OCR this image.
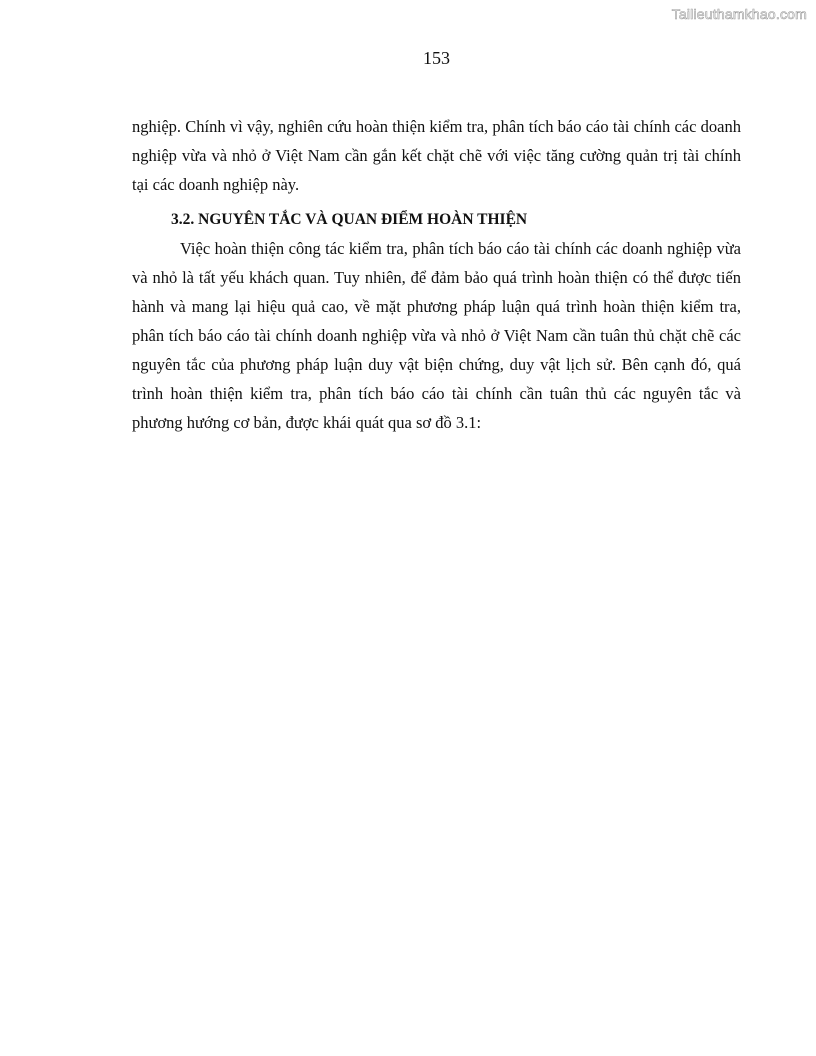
Tailieuthamkhao.com
153

nghiệp. Chính vì vậy, nghiên cứu hoàn thiện kiểm tra, phân tích báo cáo tài chính các doanh nghiệp vừa và nhỏ ở Việt Nam cần gắn kết chặt chẽ với việc tăng cường quản trị tài chính tại các doanh nghiệp này.

3.2. NGUYÊN TẮC VÀ QUAN ĐIỂM HOÀN THIỆN

Việc hoàn thiện công tác kiểm tra, phân tích báo cáo tài chính các doanh nghiệp vừa và nhỏ là tất yếu khách quan. Tuy nhiên, để đảm bảo quá trình hoàn thiện có thể được tiến hành và mang lại hiệu quả cao, về mặt phương pháp luận quá trình hoàn thiện kiểm tra, phân tích báo cáo tài chính doanh nghiệp vừa và nhỏ ở Việt Nam cần tuân thủ chặt chẽ các nguyên tắc của phương pháp luận duy vật biện chứng, duy vật lịch sử. Bên cạnh đó, quá trình hoàn thiện kiểm tra, phân tích báo cáo tài chính cần tuân thủ các nguyên tắc và phương hướng cơ bản, được khái quát qua sơ đồ 3.1:
